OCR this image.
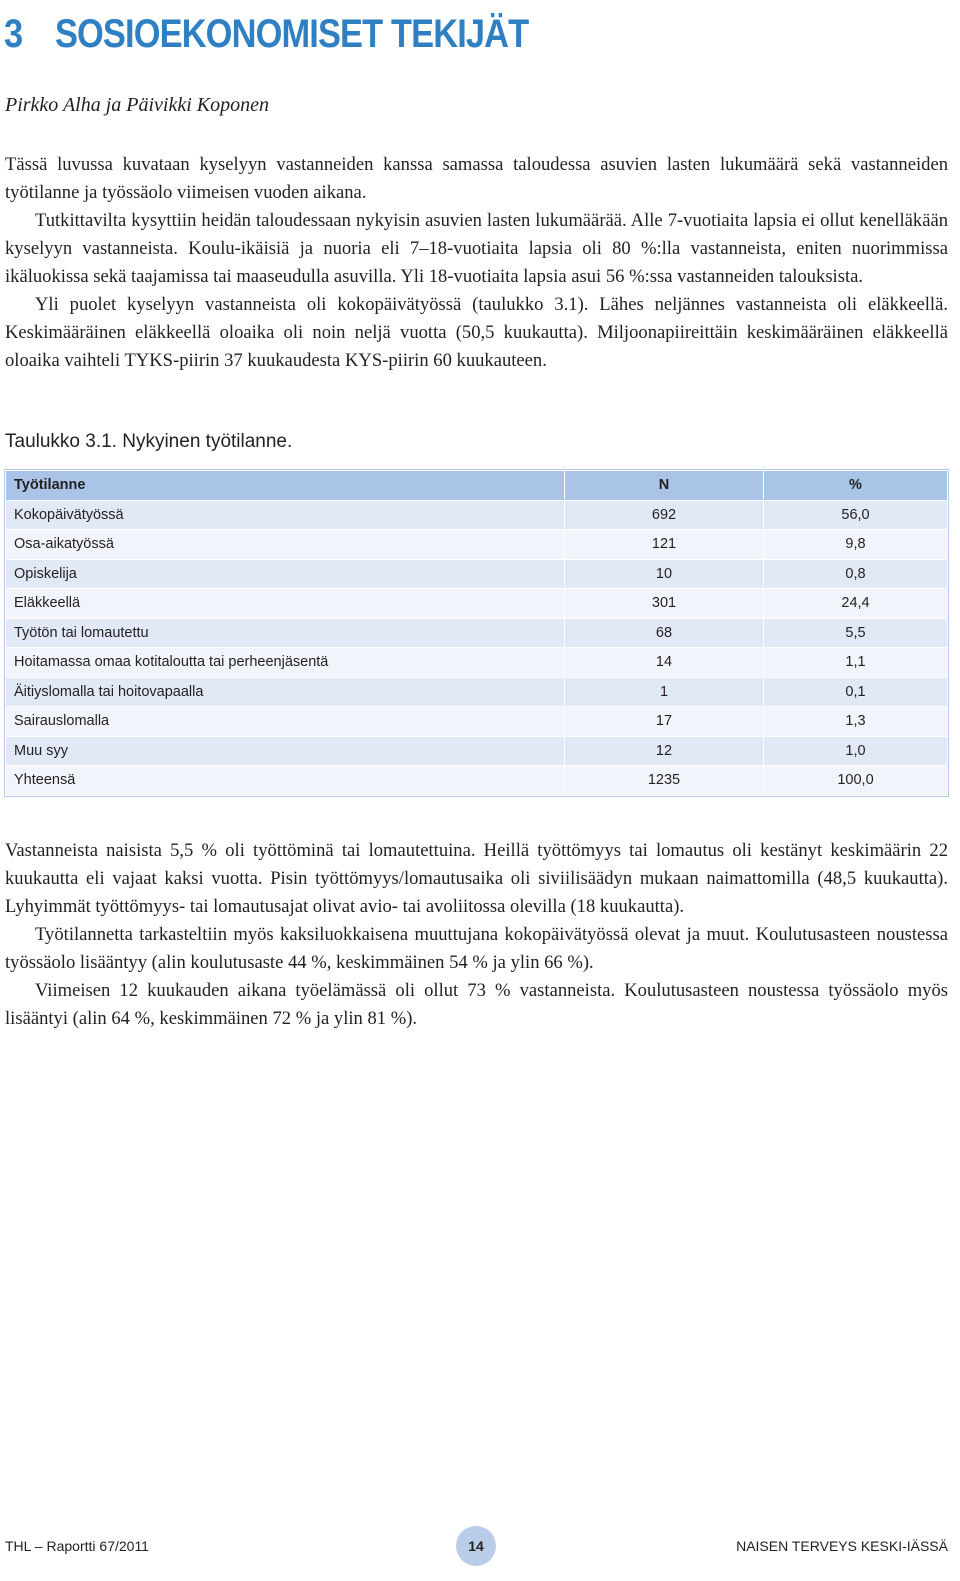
3 SOSIOEKONOMISET TEKIJÄT
Pirkko Alha ja Päivikki Koponen

Tässä luvussa kuvataan kyselyyn vastanneiden kanssa samassa taloudessa asuvien lasten lukumäärä sekä vastanneiden työtilanne ja työssäolo viimeisen vuoden aikana.

Tutkittavilta kysyttiin heidän taloudessaan nykyisin asuvien lasten lukumäärää. Alle 7-vuotiaita lapsia ei ollut kenelläkään kyselyyn vastanneista. Koulu-ikäisiä ja nuoria eli 7–18-vuotiaita lapsia oli 80 %:lla vastanneista, eniten nuorimmissa ikäluokissa sekä taajamissa tai maaseudulla asuvilla. Yli 18-vuotiaita lapsia asui 56 %:ssa vastanneiden talouksista.

Yli puolet kyselyyn vastanneista oli kokopäivätyössä (taulukko 3.1). Lähes neljännes vastanneista oli eläkkeellä. Keskimääräinen eläkkeellä oloaika oli noin neljä vuotta (50,5 kuukautta). Miljoonapiireittäin keskimääräinen eläkkeellä oloaika vaihteli TYKS-piirin 37 kuukaudesta KYS-piirin 60 kuukauteen.

Taulukko 3.1. Nykyinen työtilanne.
Työtilanne	N	%
Kokopäivätyössä	692	56,0
Osa-aikatyössä	121	9,8
Opiskelija	10	0,8
Eläkkeellä	301	24,4
Työtön tai lomautettu	68	5,5
Hoitamassa omaa kotitaloutta tai perheenjäsentä	14	1,1
Äitiyslomalla tai hoitovapaalla	1	0,1
Sairauslomalla	17	1,3
Muu syy	12	1,0
Yhteensä	1235	100,0

Vastanneista naisista 5,5 % oli työttöminä tai lomautettuina. Heillä työttömyys tai lomautus oli kestänyt keskimäärin 22 kuukautta eli vajaat kaksi vuotta. Pisin työttömyys/lomautusaika oli siviilisäädyn mukaan naimattomilla (48,5 kuukautta). Lyhyimmät työttömyys- tai lomautusajat olivat avio- tai avoliitossa olevilla (18 kuukautta).

Työtilannetta tarkasteltiin myös kaksiluokkaisena muuttujana kokopäivätyössä olevat ja muut. Koulutusasteen noustessa työssäolo lisääntyy (alin koulutusaste 44 %, keskimmäinen 54 % ja ylin 66 %).

Viimeisen 12 kuukauden aikana työelämässä oli ollut 73 % vastanneista. Koulutusasteen noustessa työssäolo myös lisääntyi (alin 64 %, keskimmäinen 72 % ja ylin 81 %).

THL – Raportti 67/2011	14	NAISEN TERVEYS KESKI-IÄSSÄ
